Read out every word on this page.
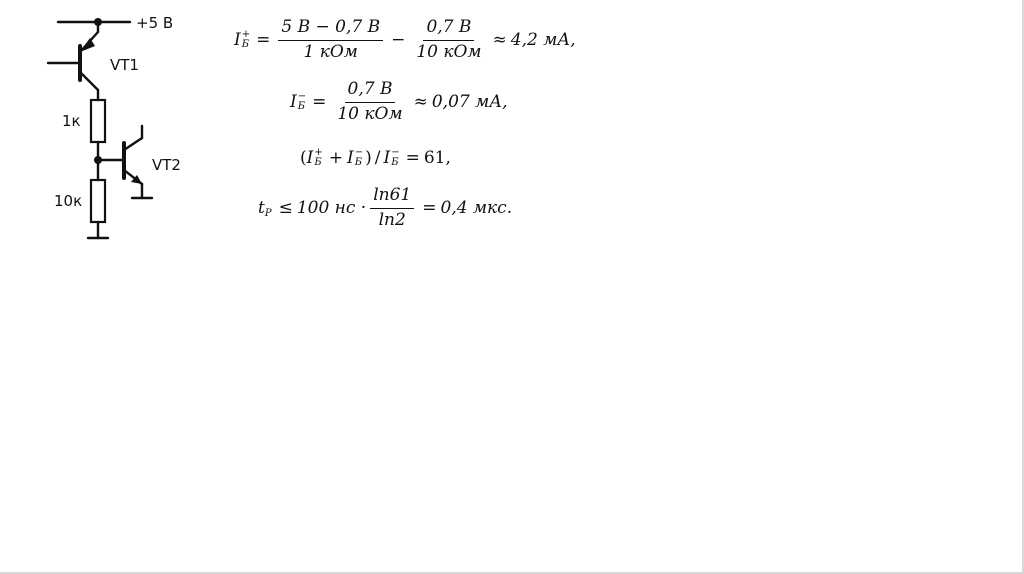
+5 В
VT1
VT2
1к
10к
I +
$Б = \frac{5 В - 0,7 В}{\text{1 кОм}} - \frac{0,7 В}{\text{10 кОм}} \approx 4,2$ мА,
I −
$Б = \frac{0,7 В}{\text{10 кОм}} \approx 0,07$ мА,
( I +
Б + I −
Б ) / I −
Б = 61,
t Р ≤ 100 нс · $\frac{\ln 61}{\ln 2} = 0,4$ мкс.
